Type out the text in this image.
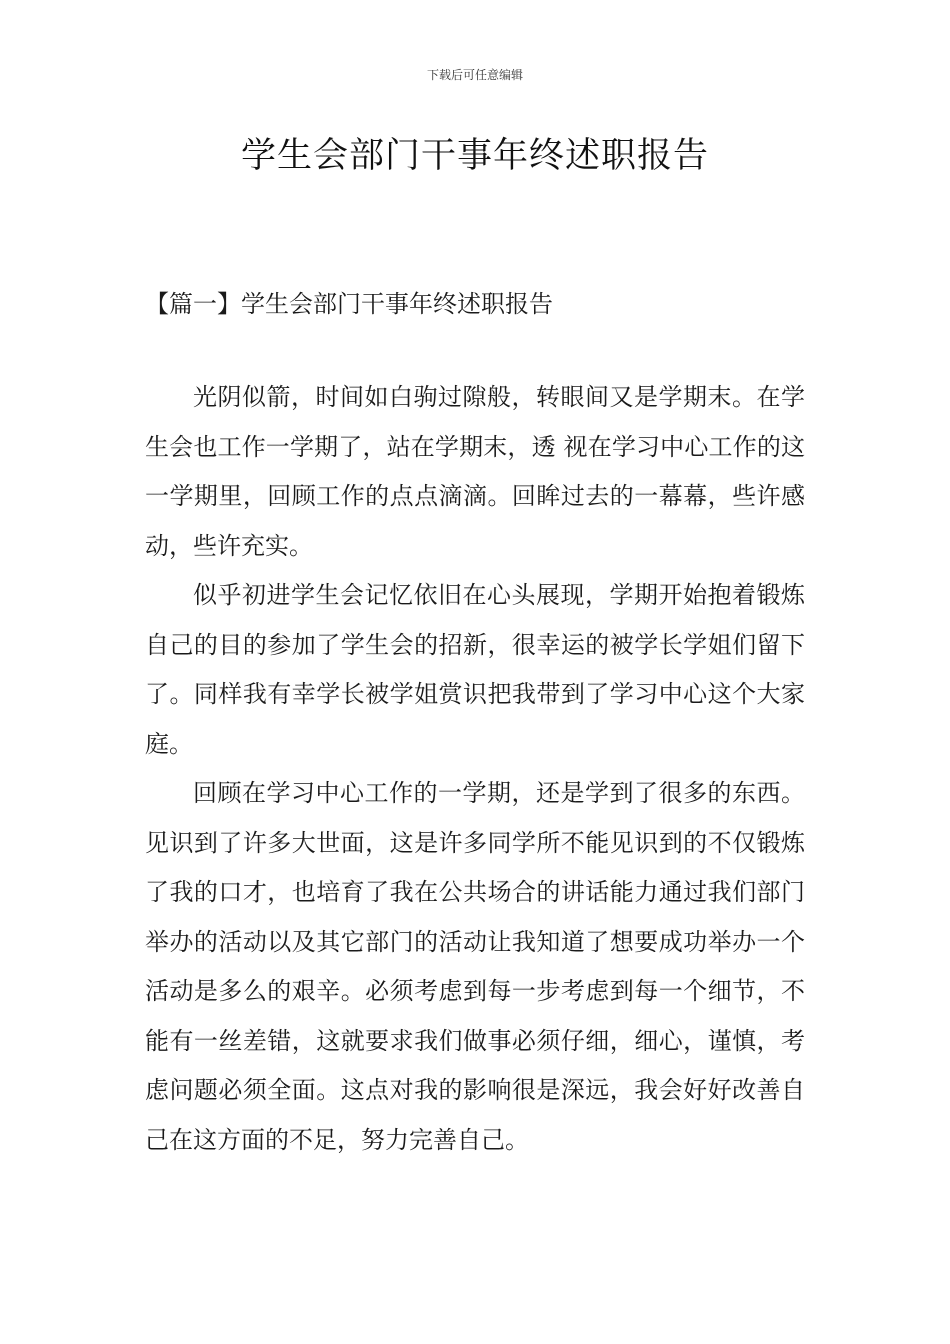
下载后可任意编辑
学生会部门干事年终述职报告
【篇一】学生会部门干事年终述职报告

光阴似箭，时间如白驹过隙般，转眼间又是学期末。在学生会也工作一学期了，站在学期末，透 视在学习中心工作的这一学期里，回顾工作的点点滴滴。回眸过去的一幕幕，些许感动，些许充实。

似乎初进学生会记忆依旧在心头展现，学期开始抱着锻炼自己的目的参加了学生会的招新，很幸运的被学长学姐们留下了。同样我有幸学长被学姐赏识把我带到了学习中心这个大家庭。

回顾在学习中心工作的一学期，还是学到了很多的东西。见识到了许多大世面，这是许多同学所不能见识到的不仅锻炼了我的口才，也培育了我在公共场合的讲话能力通过我们部门举办的活动以及其它部门的活动让我知道了想要成功举办一个活动是多么的艰辛。必须考虑到每一步考虑到每一个细节，不能有一丝差错，这就要求我们做事必须仔细，细心，谨慎，考虑问题必须全面。这点对我的影响很是深远，我会好好改善自己在这方面的不足，努力完善自己。
